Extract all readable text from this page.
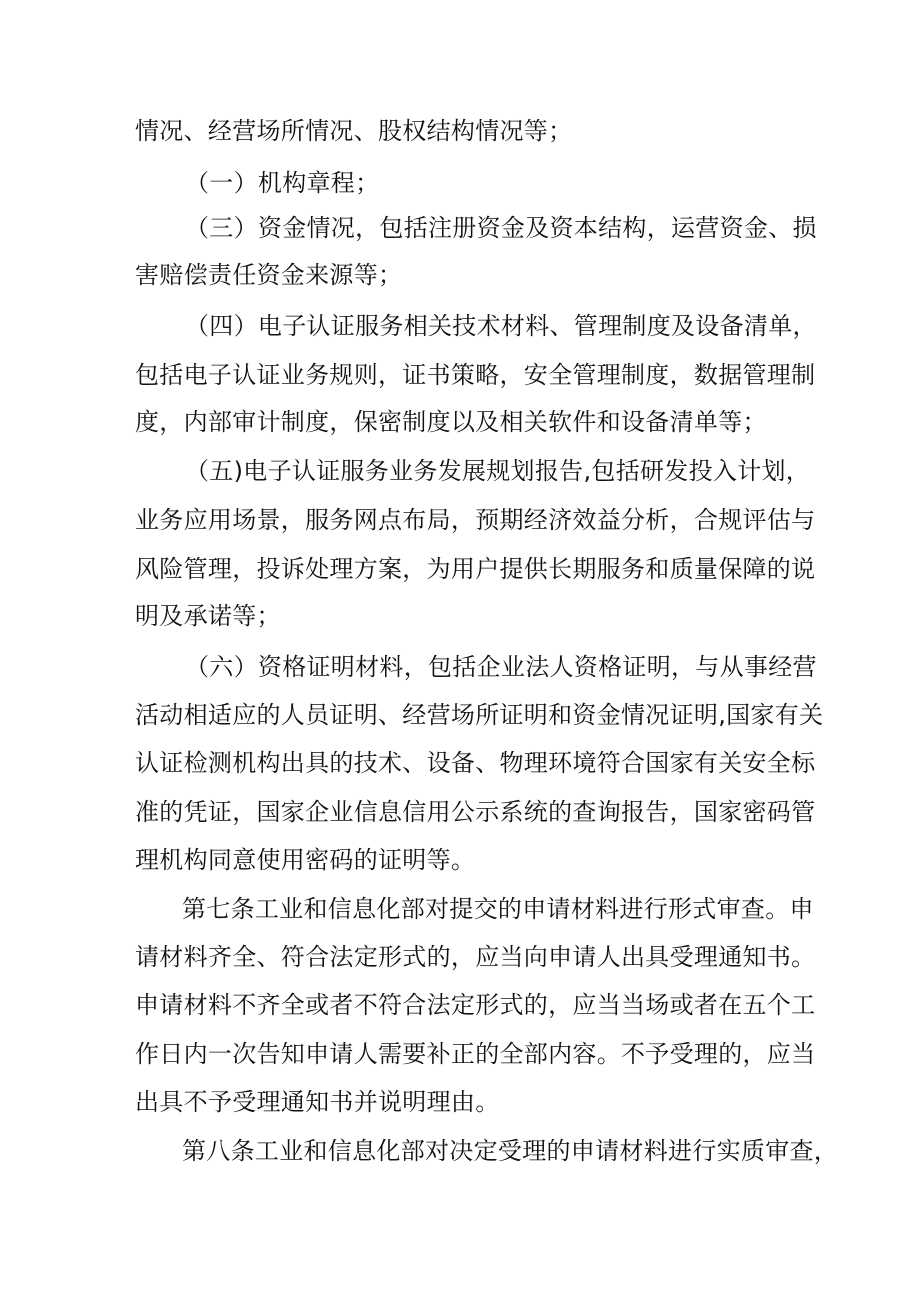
情况、经营场所情况、股权结构情况等；
（一）机构章程；
（三）资金情况，包括注册资金及资本结构，运营资金、损
害赔偿责任资金来源等；
（四）电子认证服务相关技术材料、管理制度及设备清单，
包括电子认证业务规则，证书策略，安全管理制度，数据管理制
度，内部审计制度，保密制度以及相关软件和设备清单等；
（五)电子认证服务业务发展规划报告,包括研发投入计划，
业务应用场景，服务网点布局，预期经济效益分析，合规评估与
风险管理，投诉处理方案，为用户提供长期服务和质量保障的说
明及承诺等；
（六）资格证明材料，包括企业法人资格证明，与从事经营
活动相适应的人员证明、经营场所证明和资金情况证明,国家有关
认证检测机构出具的技术、设备、物理环境符合国家有关安全标
准的凭证，国家企业信息信用公示系统的查询报告，国家密码管
理机构同意使用密码的证明等。
第七条工业和信息化部对提交的申请材料进行形式审查。申
请材料齐全、符合法定形式的，应当向申请人出具受理通知书。
申请材料不齐全或者不符合法定形式的，应当当场或者在五个工
作日内一次告知申请人需要补正的全部内容。不予受理的，应当
出具不予受理通知书并说明理由。
第八条工业和信息化部对决定受理的申请材料进行实质审查，
